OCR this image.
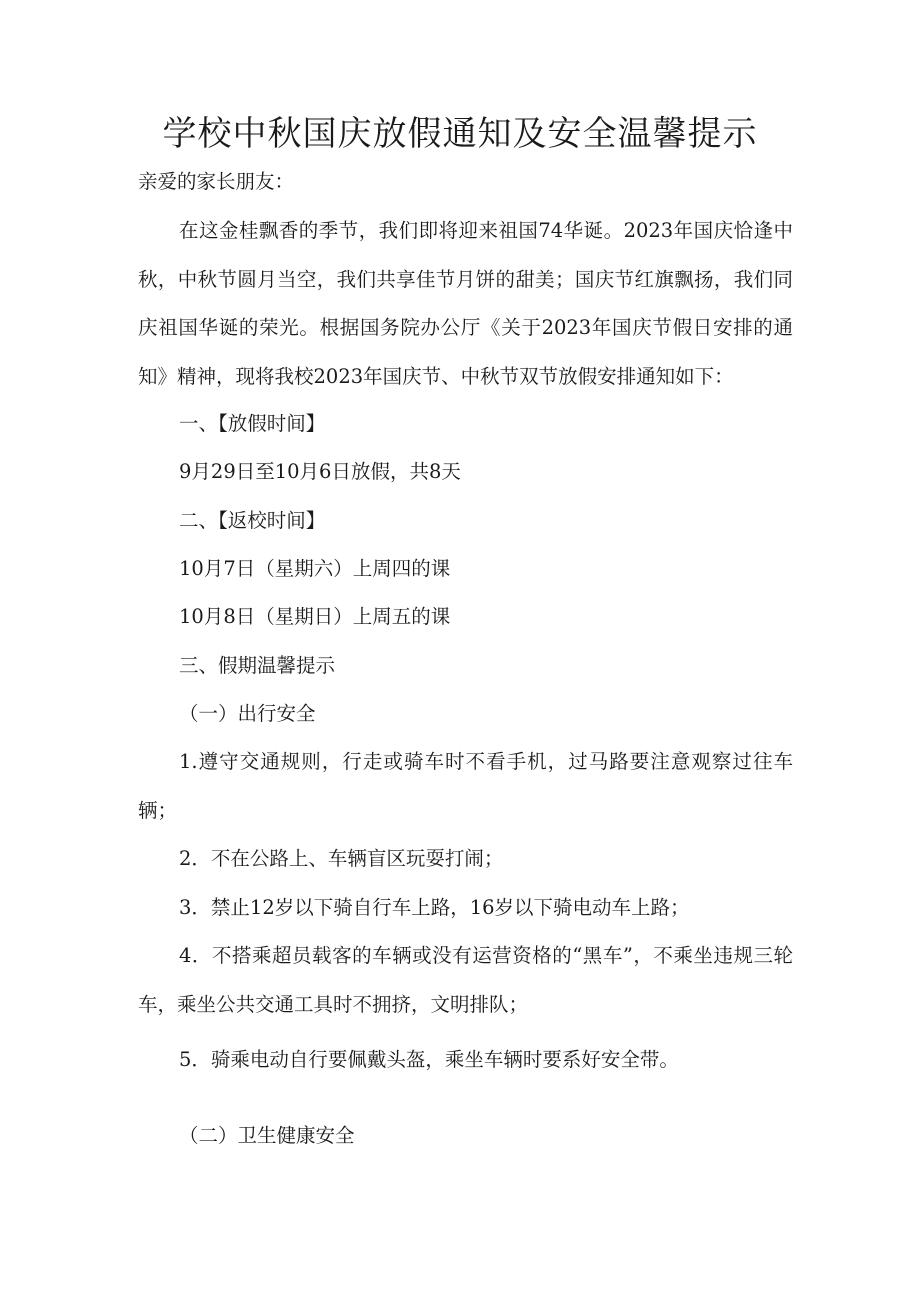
学校中秋国庆放假通知及安全温馨提示

亲爱的家长朋友：

在这金桂飘香的季节，我们即将迎来祖国74华诞。2023年国庆恰逢中秋，中秋节圆月当空，我们共享佳节月饼的甜美；国庆节红旗飘扬，我们同庆祖国华诞的荣光。根据国务院办公厅《关于2023年国庆节假日安排的通知》精神，现将我校2023年国庆节、中秋节双节放假安排通知如下：

一、【放假时间】

9月29日至10月6日放假，共8天

二、【返校时间】

10月7日（星期六）上周四的课

10月8日（星期日）上周五的课

三、假期温馨提示

（一）出行安全

1.遵守交通规则，行走或骑车时不看手机，过马路要注意观察过往车辆；

2．不在公路上、车辆盲区玩耍打闹；

3．禁止12岁以下骑自行车上路，16岁以下骑电动车上路；

4．不搭乘超员载客的车辆或没有运营资格的“黑车”，不乘坐违规三轮车，乘坐公共交通工具时不拥挤，文明排队；

5．骑乘电动自行要佩戴头盔，乘坐车辆时要系好安全带。

（二）卫生健康安全
